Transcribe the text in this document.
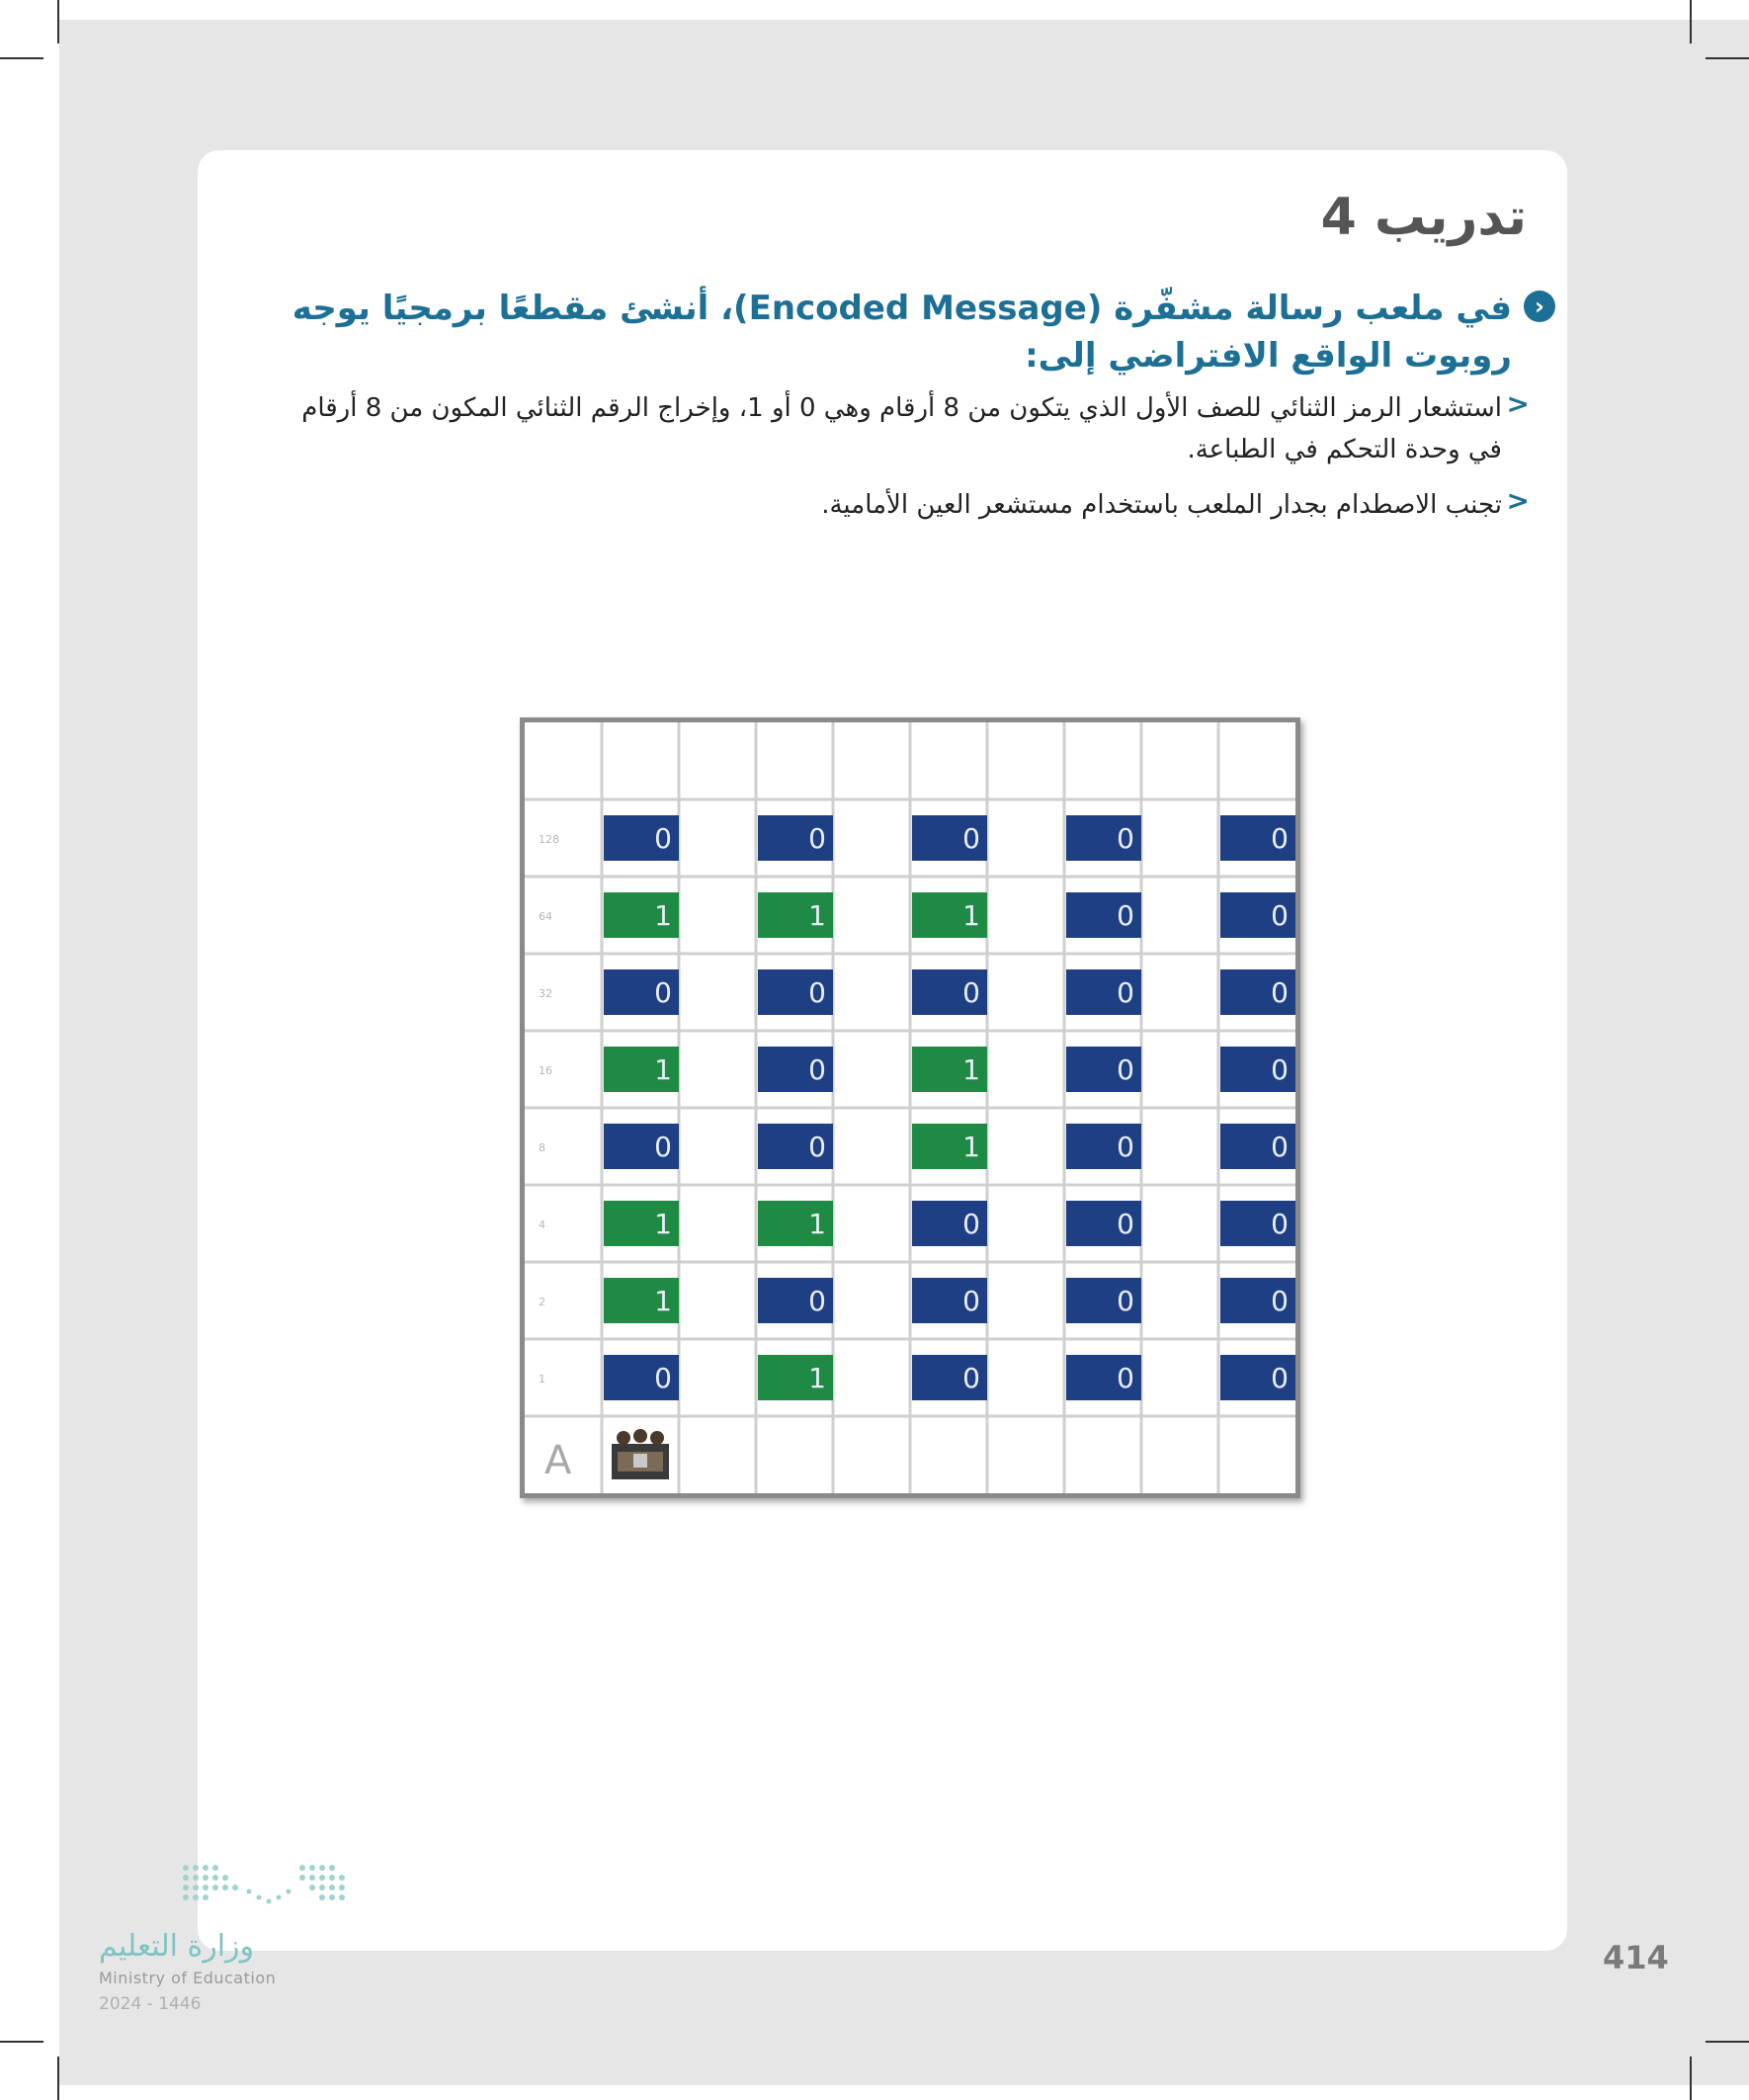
تدريب 4
›
في ملعب رسالة مشفّرة (Encoded Message)، أنشئ مقطعًا برمجيًا يوجه روبوت الواقع الافتراضي إلى:
>
استشعار الرمز الثنائي للصف الأول الذي يتكون من 8 أرقام وهي 0 أو 1، وإخراج الرقم الثنائي المكون من 8 أرقام في وحدة التحكم في الطباعة.
>
تجنب الاصطدام بجدار الملعب باستخدام مستشعر العين الأمامية.
128
64
32
16
8
4
2
1
0
1
0
1
0
1
1
0
0
1
0
0
0
1
0
1
0
1
0
1
1
0
0
0
0
0
0
0
0
0
0
0
0
0
0
0
0
0
0
0
A
وزارة التعليم
Ministry of Education
2024 - 1446
414
